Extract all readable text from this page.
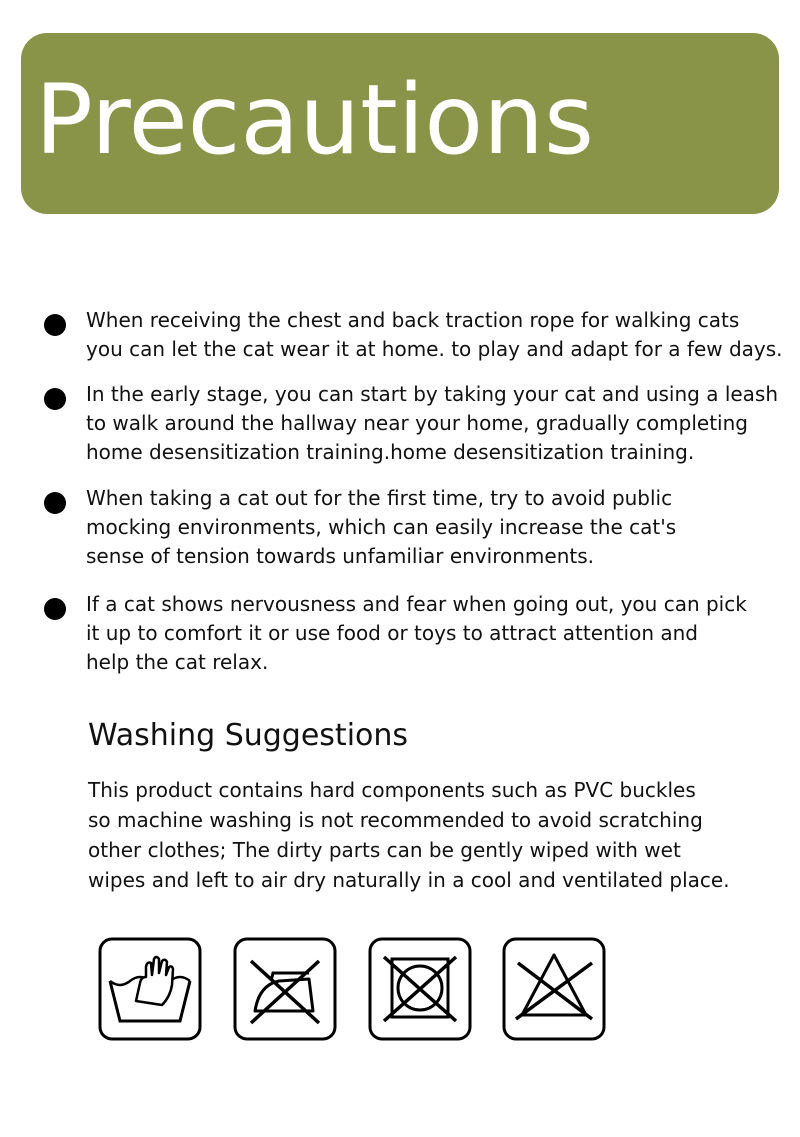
Precautions
When receiving the chest and back traction rope for walking cats
you can let the cat wear it at home. to play and adapt for a few days.
In the early stage, you can start by taking your cat and using a leash
to walk around the hallway near your home, gradually completing
home desensitization training.home desensitization training.
When taking a cat out for the first time, try to avoid public
mocking environments, which can easily increase the cat's
sense of tension towards unfamiliar environments.
If a cat shows nervousness and fear when going out, you can pick
it up to comfort it or use food or toys to attract attention and
help the cat relax.
Washing Suggestions

This product contains hard components such as PVC buckles
so machine washing is not recommended to avoid scratching
other clothes; The dirty parts can be gently wiped with wet
wipes and left to air dry naturally in a cool and ventilated place.
